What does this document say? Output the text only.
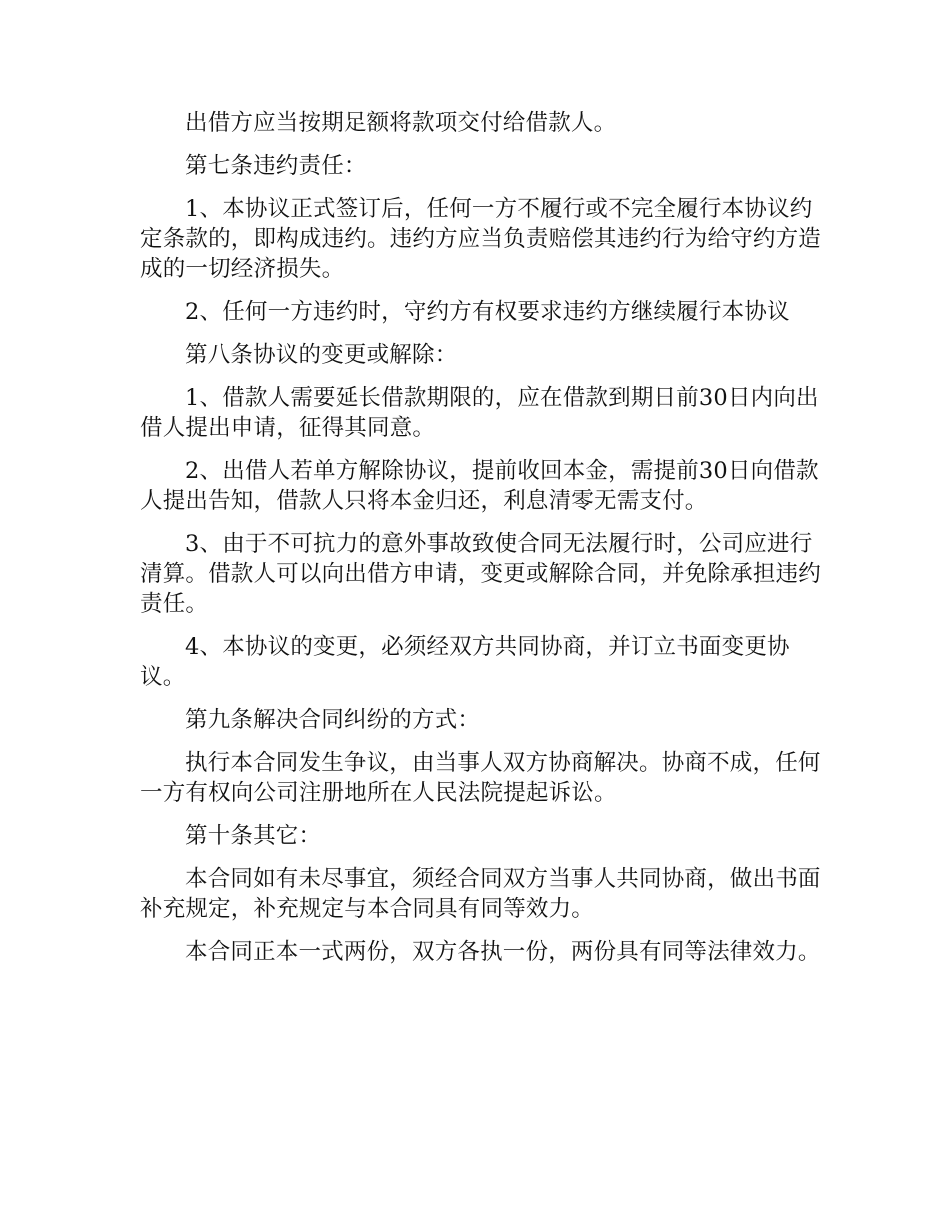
出借方应当按期足额将款项交付给借款人。

第七条违约责任：

1、本协议正式签订后，任何一方不履行或不完全履行本协议约定条款的，即构成违约。违约方应当负责赔偿其违约行为给守约方造成的一切经济损失。

2、任何一方违约时，守约方有权要求违约方继续履行本协议

第八条协议的变更或解除：

1、借款人需要延长借款期限的，应在借款到期日前30日内向出借人提出申请，征得其同意。

2、出借人若单方解除协议，提前收回本金，需提前30日向借款人提出告知，借款人只将本金归还，利息清零无需支付。

3、由于不可抗力的意外事故致使合同无法履行时，公司应进行清算。借款人可以向出借方申请，变更或解除合同，并免除承担违约责任。

4、本协议的变更，必须经双方共同协商，并订立书面变更协议。

第九条解决合同纠纷的方式：

执行本合同发生争议，由当事人双方协商解决。协商不成，任何一方有权向公司注册地所在人民法院提起诉讼。

第十条其它：

本合同如有未尽事宜，须经合同双方当事人共同协商，做出书面补充规定，补充规定与本合同具有同等效力。

本合同正本一式两份，双方各执一份，两份具有同等法律效力。
